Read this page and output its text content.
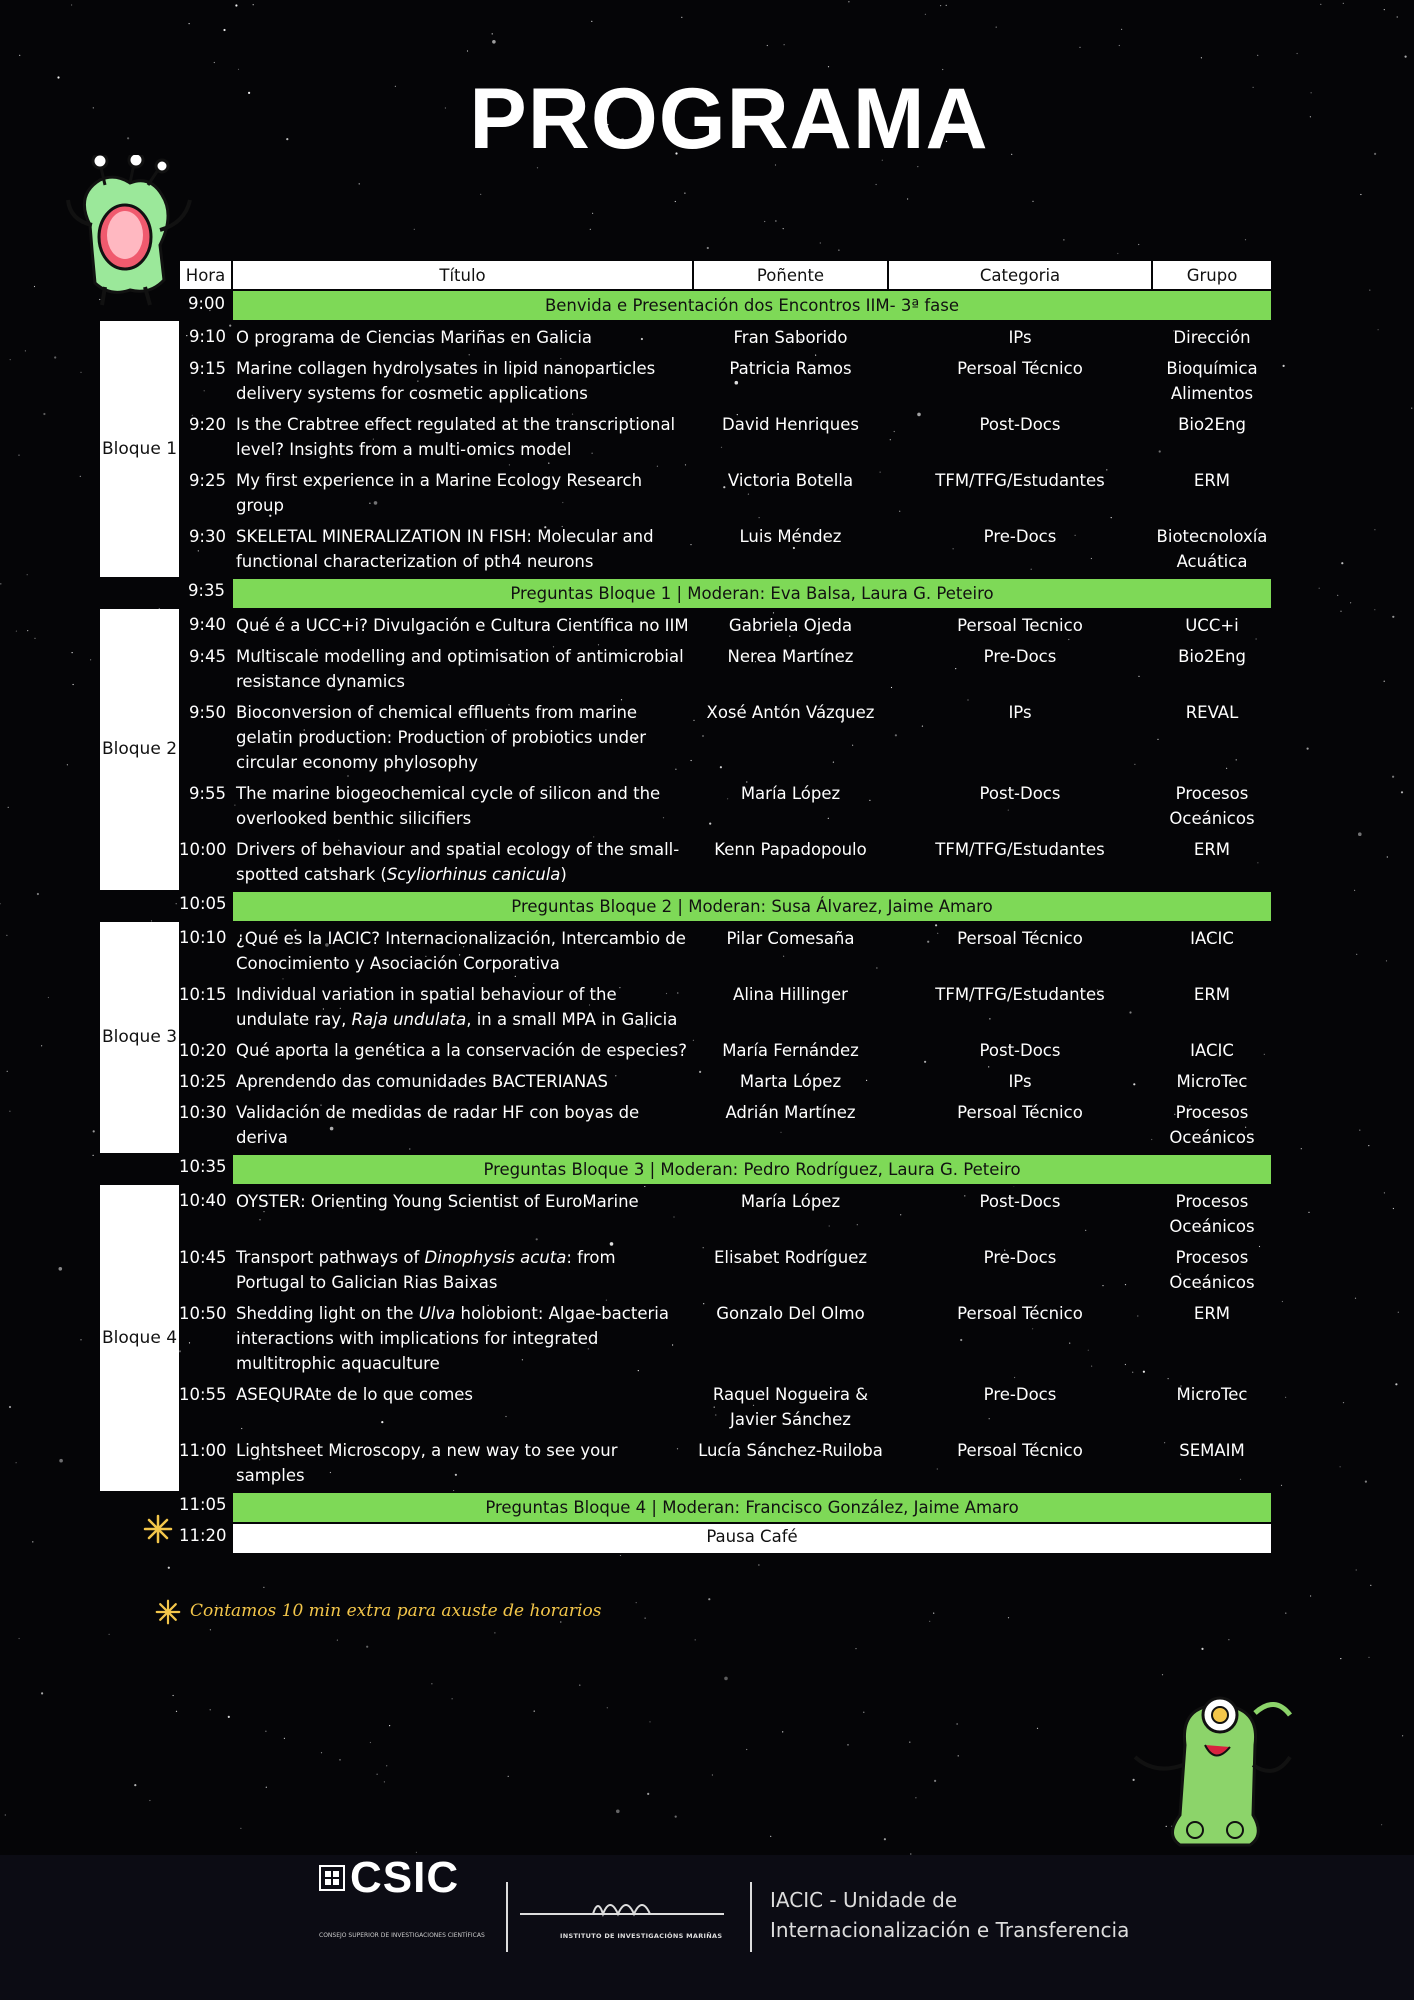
PROGRAMA
	Hora	Título	Poñente	Categoria	Grupo
	9:00	Benvida e Presentación dos Encontros IIM- 3ª fase			
Bloque 1	9:10	O programa de Ciencias Mariñas en Galicia	Fran Saborido	IPs	Dirección
	9:15	Marine collagen hydrolysates in lipid nanoparticles delivery systems for cosmetic applications	Patricia Ramos	Persoal Técnico	Bioquímica Alimentos
	9:20	Is the Crabtree effect regulated at the transcriptional level? Insights from a multi-omics model	David Henriques	Post-Docs	Bio2Eng
	9:25	My first experience in a Marine Ecology Research group	Victoria Botella	TFM/TFG/Estudantes	ERM
	9:30	SKELETAL MINERALIZATION IN FISH: Molecular and functional characterization of pth4 neurons	Luis Méndez	Pre-Docs	Biotecnoloxía Acuática
	9:35	Preguntas Bloque 1 | Moderan: Eva Balsa, Laura G. Peteiro			
Bloque 2	9:40	Qué é a UCC+i? Divulgación e Cultura Científica no IIM	Gabriela Ojeda	Persoal Tecnico	UCC+i
	9:45	Multiscale modelling and optimisation of antimicrobial resistance dynamics	Nerea Martínez	Pre-Docs	Bio2Eng
	9:50	Bioconversion of chemical effluents from marine gelatin production: Production of probiotics under circular economy phylosophy	Xosé Antón Vázquez	IPs	REVAL
	9:55	The marine biogeochemical cycle of silicon and the overlooked benthic silicifiers	María López	Post-Docs	Procesos Oceánicos
	10:00	Drivers of behaviour and spatial ecology of the small-spotted catshark (Scyliorhinus canicula)	Kenn Papadopoulo	TFM/TFG/Estudantes	ERM
	10:05	Preguntas Bloque 2 | Moderan: Susa Álvarez, Jaime Amaro			
Bloque 3	10:10	¿Qué es la IACIC? Internacionalización, Intercambio de Conocimiento y Asociación Corporativa	Pilar Comesaña	Persoal Técnico	IACIC
	10:15	Individual variation in spatial behaviour of the undulate ray, Raja undulata, in a small MPA in Galicia	Alina Hillinger	TFM/TFG/Estudantes	ERM
	10:20	Qué aporta la genética a la conservación de especies?	María Fernández	Post-Docs	IACIC
	10:25	Aprendendo das comunidades BACTERIANAS	Marta López	IPs	MicroTec
	10:30	Validación de medidas de radar HF con boyas de deriva	Adrián Martínez	Persoal Técnico	Procesos Oceánicos
	10:35	Preguntas Bloque 3 | Moderan: Pedro Rodríguez, Laura G. Peteiro			
Bloque 4	10:40	OYSTER: Orienting Young Scientist of EuroMarine	María López	Post-Docs	Procesos Oceánicos
	10:45	Transport pathways of Dinophysis acuta: from Portugal to Galician Rias Baixas	Elisabet Rodríguez	Pre-Docs	Procesos Oceánicos
	10:50	Shedding light on the Ulva holobiont: Algae-bacteria interactions with implications for integrated multitrophic aquaculture	Gonzalo Del Olmo	Persoal Técnico	ERM
	10:55	ASEQURAte de lo que comes	Raquel Nogueira & Javier Sánchez	Pre-Docs	MicroTec
	11:00	Lightsheet Microscopy, a new way to see your samples	Lucía Sánchez-Ruiloba	Persoal Técnico	SEMAIM
	11:05	Preguntas Bloque 4 | Moderan: Francisco González, Jaime Amaro			
	11:20	Pausa Café			
Contamos 10 min extra para axuste de horarios
CSIC
CONSEJO SUPERIOR DE INVESTIGACIONES CIENTÍFICAS	INSTITUTO DE INVESTIGACIÓNS MARIÑAS
IACIC - Unidade de
Internacionalización e Transferencia
